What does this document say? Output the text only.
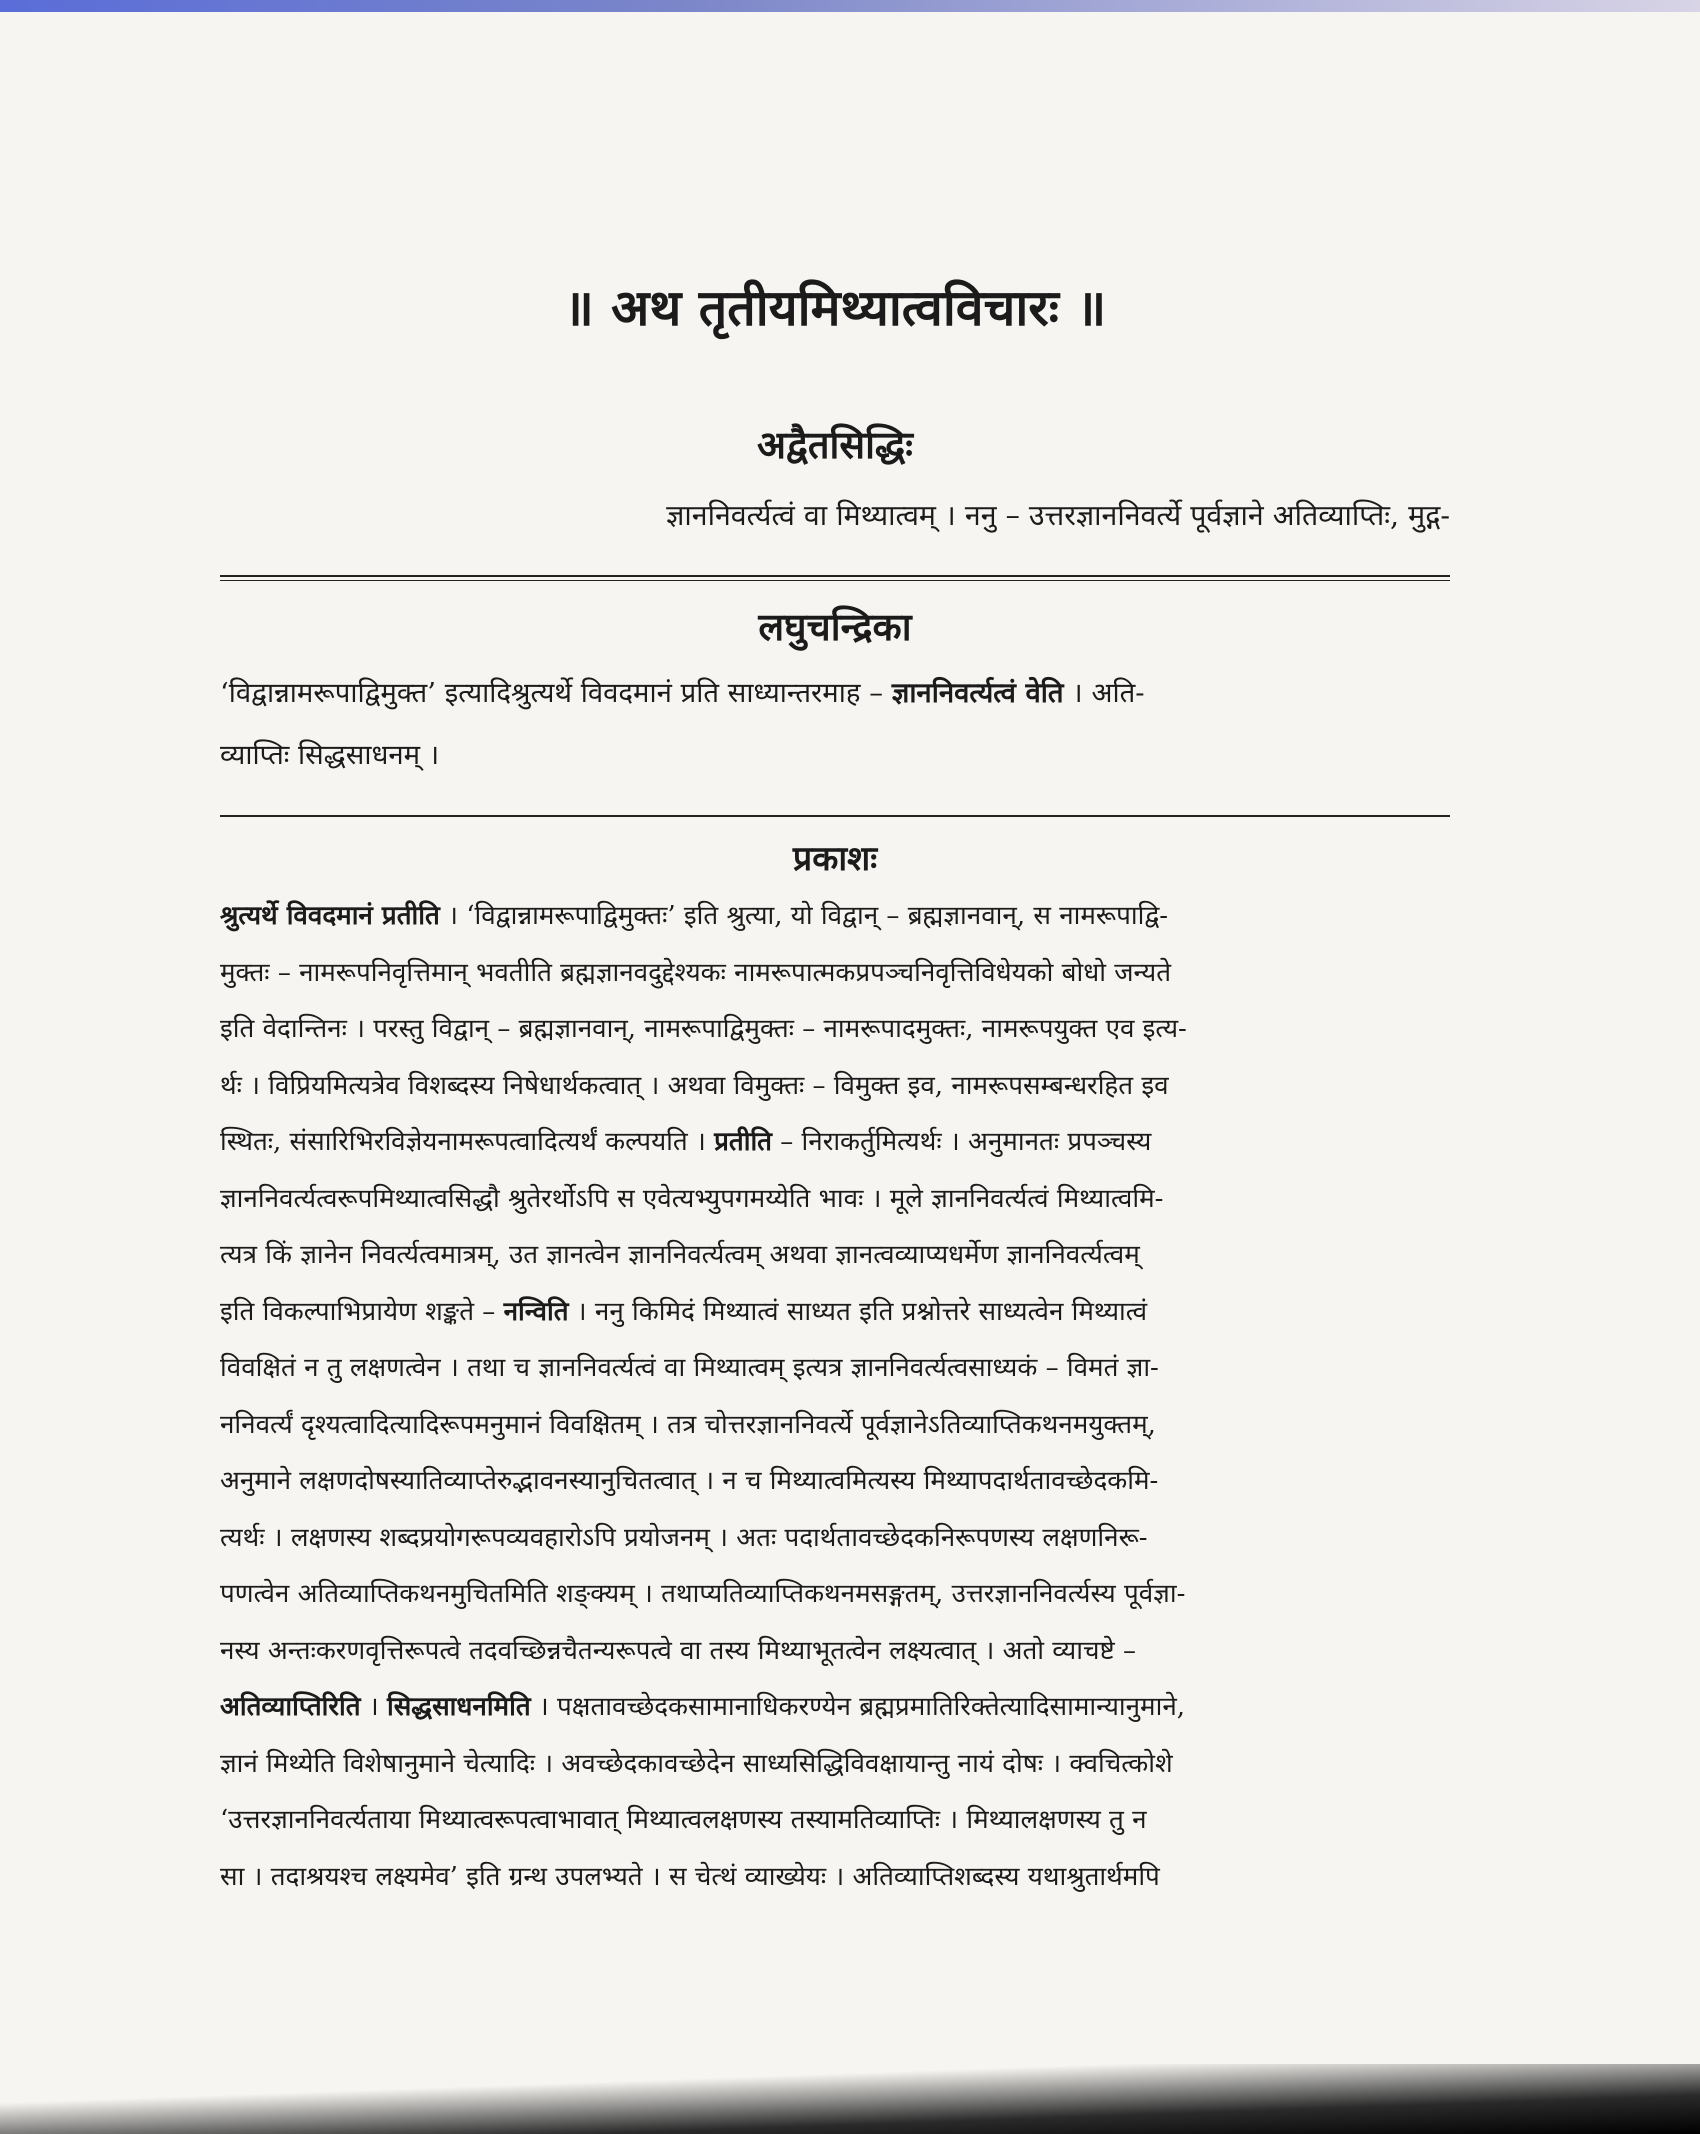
॥ अथ तृतीयमिथ्यात्वविचारः ॥
अद्वैतसिद्धिः
ज्ञाननिवर्त्यत्वं वा मिथ्यात्वम् । ननु – उत्तरज्ञाननिवर्त्ये पूर्वज्ञाने अतिव्याप्तिः, मुद्ग-
लघुचन्द्रिका
‘विद्वान्नामरूपाद्विमुक्त’ इत्यादिश्रुत्यर्थे विवदमानं प्रति साध्यान्तरमाह – ज्ञाननिवर्त्यत्वं वेति । अति-
व्याप्तिः सिद्धसाधनम् ।
प्रकाशः
श्रुत्यर्थे विवदमानं प्रतीति । ‘विद्वान्नामरूपाद्विमुक्तः’ इति श्रुत्या, यो विद्वान् – ब्रह्मज्ञानवान्, स नामरूपाद्वि-
मुक्तः – नामरूपनिवृत्तिमान् भवतीति ब्रह्मज्ञानवदुद्देश्यकः नामरूपात्मकप्रपञ्चनिवृत्तिविधेयको बोधो जन्यते
इति वेदान्तिनः । परस्तु विद्वान् – ब्रह्मज्ञानवान्, नामरूपाद्विमुक्तः – नामरूपादमुक्तः, नामरूपयुक्त एव इत्य-
र्थः । विप्रियमित्यत्रेव विशब्दस्य निषेधार्थकत्वात् । अथवा विमुक्तः – विमुक्त इव, नामरूपसम्बन्धरहित इव
स्थितः, संसारिभिरविज्ञेयनामरूपत्वादित्यर्थं कल्पयति । प्रतीति – निराकर्तुमित्यर्थः । अनुमानतः प्रपञ्चस्य
ज्ञाननिवर्त्यत्वरूपमिथ्यात्वसिद्धौ श्रुतेरर्थोऽपि स एवेत्यभ्युपगमय्येति भावः । मूले ज्ञाननिवर्त्यत्वं मिथ्यात्वमि-
त्यत्र किं ज्ञानेन निवर्त्यत्वमात्रम्, उत ज्ञानत्वेन ज्ञाननिवर्त्यत्वम् अथवा ज्ञानत्वव्याप्यधर्मेण ज्ञाननिवर्त्यत्वम्
इति विकल्पाभिप्रायेण शङ्कते – नन्विति । ननु किमिदं मिथ्यात्वं साध्यत इति प्रश्नोत्तरे साध्यत्वेन मिथ्यात्वं
विवक्षितं न तु लक्षणत्वेन । तथा च ज्ञाननिवर्त्यत्वं वा मिथ्यात्वम् इत्यत्र ज्ञाननिवर्त्यत्वसाध्यकं – विमतं ज्ञा-
ननिवर्त्यं दृश्यत्वादित्यादिरूपमनुमानं विवक्षितम् । तत्र चोत्तरज्ञाननिवर्त्ये पूर्वज्ञानेऽतिव्याप्तिकथनमयुक्तम्,
अनुमाने लक्षणदोषस्यातिव्याप्तेरुद्भावनस्यानुचितत्वात् । न च मिथ्यात्वमित्यस्य मिथ्यापदार्थतावच्छेदकमि-
त्यर्थः । लक्षणस्य शब्दप्रयोगरूपव्यवहारोऽपि प्रयोजनम् । अतः पदार्थतावच्छेदकनिरूपणस्य लक्षणनिरू-
पणत्वेन अतिव्याप्तिकथनमुचितमिति शङ्क्यम् । तथाप्यतिव्याप्तिकथनमसङ्गतम्, उत्तरज्ञाननिवर्त्यस्य पूर्वज्ञा-
नस्य अन्तःकरणवृत्तिरूपत्वे तदवच्छिन्नचैतन्यरूपत्वे वा तस्य मिथ्याभूतत्वेन लक्ष्यत्वात् । अतो व्याचष्टे –
अतिव्याप्तिरिति । सिद्धसाधनमिति । पक्षतावच्छेदकसामानाधिकरण्येन ब्रह्मप्रमातिरिक्तेत्यादिसामान्यानुमाने,
ज्ञानं मिथ्येति विशेषानुमाने चेत्यादिः । अवच्छेदकावच्छेदेन साध्यसिद्धिविवक्षायान्तु नायं दोषः । क्वचित्कोशे
‘उत्तरज्ञाननिवर्त्यताया मिथ्यात्वरूपत्वाभावात् मिथ्यात्वलक्षणस्य तस्यामतिव्याप्तिः । मिथ्यालक्षणस्य तु न
सा । तदाश्रयश्च लक्ष्यमेव’ इति ग्रन्थ उपलभ्यते । स चेत्थं व्याख्येयः । अतिव्याप्तिशब्दस्य यथाश्रुतार्थमपि
